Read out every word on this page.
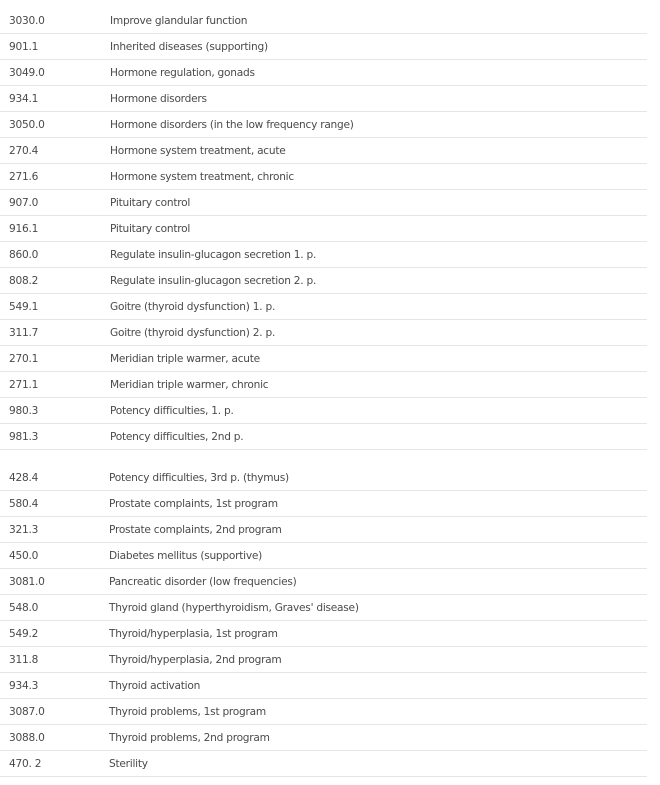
3030.0	Improve glandular function
901.1	Inherited diseases (supporting)
3049.0	Hormone regulation, gonads
934.1	Hormone disorders
3050.0	Hormone disorders (in the low frequency range)
270.4	Hormone system treatment, acute
271.6	Hormone system treatment, chronic
907.0	Pituitary control
916.1	Pituitary control
860.0	Regulate insulin-glucagon secretion 1. p.
808.2	Regulate insulin-glucagon secretion 2. p.
549.1	Goitre (thyroid dysfunction) 1. p.
311.7	Goitre (thyroid dysfunction) 2. p.
270.1	Meridian triple warmer, acute
271.1	Meridian triple warmer, chronic
980.3	Potency difficulties, 1. p.
981.3	Potency difficulties, 2nd p.
428.4	Potency difficulties, 3rd p. (thymus)
580.4	Prostate complaints, 1st program
321.3	Prostate complaints, 2nd program
450.0	Diabetes mellitus (supportive)
3081.0	Pancreatic disorder (low frequencies)
548.0	Thyroid gland (hyperthyroidism, Graves' disease)
549.2	Thyroid/hyperplasia, 1st program
311.8	Thyroid/hyperplasia, 2nd program
934.3	Thyroid activation
3087.0	Thyroid problems, 1st program
3088.0	Thyroid problems, 2nd program
470. 2	Sterility
